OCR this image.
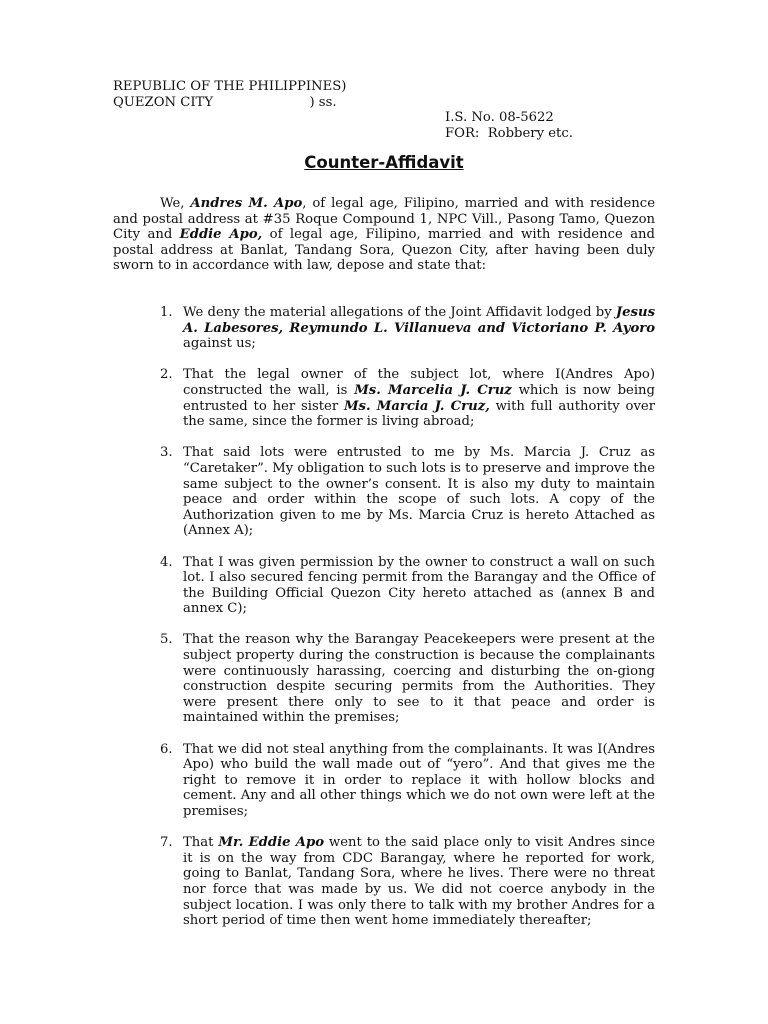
REPUBLIC OF THE PHILIPPINES)
QUEZON CITY                       ) ss.
I.S. No. 08-5622
FOR:  Robbery etc.
Counter-Affidavit
We, Andres M. Apo, of legal age, Filipino, married and with residence and postal address at #35 Roque Compound 1, NPC Vill., Pasong Tamo, Quezon City and Eddie Apo, of legal age, Filipino, married and with residence and postal address at Banlat, Tandang Sora, Quezon City, after having been duly sworn to in accordance with law, depose and state that:
1. We deny the material allegations of the Joint Affidavit lodged by Jesus A. Labesores, Reymundo L. Villanueva and Victoriano P. Ayoro against us;
2. That the legal owner of the subject lot, where I(Andres Apo) constructed the wall, is Ms. Marcelia J. Cruz which is now being entrusted to her sister Ms. Marcia J. Cruz, with full authority over the same, since the former is living abroad;
3. That said lots were entrusted to me by Ms. Marcia J. Cruz as “Caretaker”. My obligation to such lots is to preserve and improve the same subject to the owner’s consent. It is also my duty to maintain peace and order within the scope of such lots. A copy of the Authorization given to me by Ms. Marcia Cruz is hereto Attached as (Annex A);
4. That I was given permission by the owner to construct a wall on such lot. I also secured fencing permit from the Barangay and the Office of the Building Official Quezon City hereto attached as (annex B and annex C);
5. That the reason why the Barangay Peacekeepers were present at the subject property during the construction is because the complainants were continuously harassing, coercing and disturbing the on-giong construction despite securing permits from the Authorities. They were present there only to see to it that peace and order is maintained within the premises;
6. That we did not steal anything from the complainants. It was I(Andres Apo) who build the wall made out of “yero”. And that gives me the right to remove it in order to replace it with hollow blocks and cement. Any and all other things which we do not own were left at the premises;
7. That Mr. Eddie Apo went to the said place only to visit Andres since it is on the way from CDC Barangay, where he reported for work, going to Banlat, Tandang Sora, where he lives. There were no threat nor force that was made by us. We did not coerce anybody in the subject location. I was only there to talk with my brother Andres for a short period of time then went home immediately thereafter;
